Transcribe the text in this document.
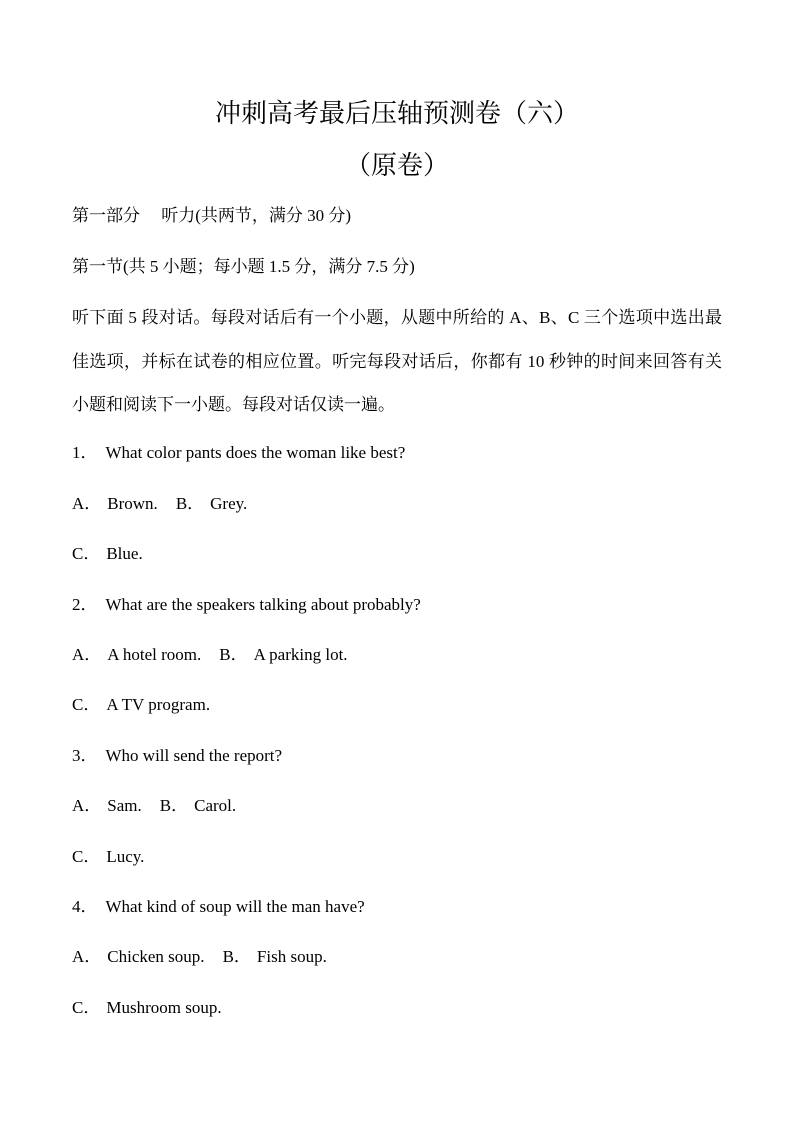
冲刺高考最后压轴预测卷（六）
（原卷）
第一部分　 听力(共两节，满分 30 分)
第一节(共 5 小题；每小题 1.5 分，满分 7.5 分)
听下面 5 段对话。每段对话后有一个小题，从题中所给的 A、B、C 三个选项中选出最佳选项，并标在试卷的相应位置。听完每段对话后，你都有 10 秒钟的时间来回答有关小题和阅读下一小题。每段对话仅读一遍。
1． What color pants does the woman like best?
A． Brown. B． Grey.
C． Blue.
2． What are the speakers talking about probably?
A． A hotel room. B． A parking lot.
C． A TV program.
3． Who will send the report?
A． Sam. B． Carol.
C． Lucy.
4． What kind of soup will the man have?
A． Chicken soup. B． Fish soup.
C． Mushroom soup.
